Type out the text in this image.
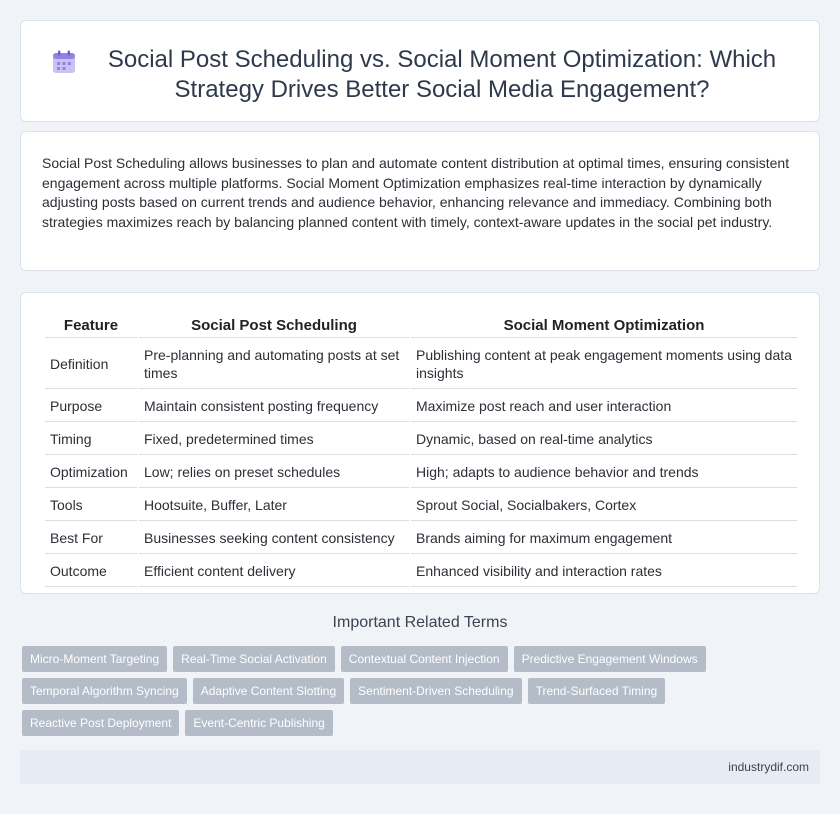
Social Post Scheduling vs. Social Moment Optimization: Which Strategy Drives Better Social Media Engagement?

Social Post Scheduling allows businesses to plan and automate content distribution at optimal times, ensuring consistent engagement across multiple platforms. Social Moment Optimization emphasizes real-time interaction by dynamically adjusting posts based on current trends and audience behavior, enhancing relevance and immediacy. Combining both strategies maximizes reach by balancing planned content with timely, context-aware updates in the social pet industry.

Feature	Social Post Scheduling	Social Moment Optimization
Definition	Pre-planning and automating posts at set times	Publishing content at peak engagement moments using data insights
Purpose	Maintain consistent posting frequency	Maximize post reach and user interaction
Timing	Fixed, predetermined times	Dynamic, based on real-time analytics
Optimization	Low; relies on preset schedules	High; adapts to audience behavior and trends
Tools	Hootsuite, Buffer, Later	Sprout Social, Socialbakers, Cortex
Best For	Businesses seeking content consistency	Brands aiming for maximum engagement
Outcome	Efficient content delivery	Enhanced visibility and interaction rates
Important Related Terms
Micro-Moment Targeting	Real-Time Social Activation	Contextual Content Injection	Predictive Engagement Windows
Temporal Algorithm Syncing	Adaptive Content Slotting	Sentiment-Driven Scheduling	Trend-Surfaced Timing
Reactive Post Deployment	Event-Centric Publishing
industrydif.com
